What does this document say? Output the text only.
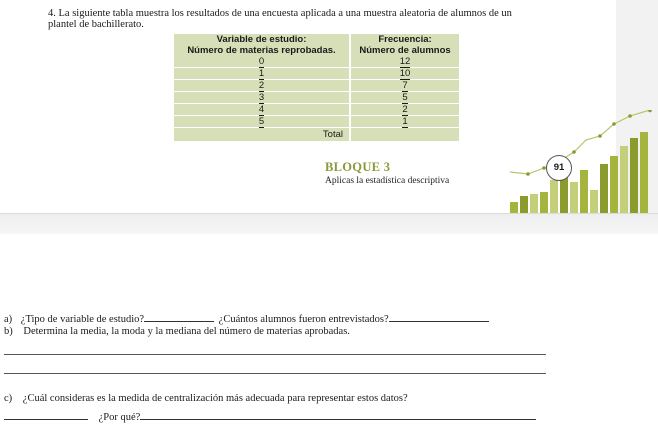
4. La siguiente tabla muestra los resultados de una encuesta aplicada a una muestra aleatoria de alumnos de un
plantel de bachillerato.
Variable de estudio:	Frecuencia:
Número de materias reprobadas.	Número de alumnos
0	12
1	10
2	7
3	5
4	2
5	1
Total	
BLOQUE 3
Aplicas la estadística descriptiva
91
a) ¿Tipo de variable de estudio?	¿Cuántos alumnos fueron entrevistados?
b) Determina la media, la moda y la mediana del número de materias aprobadas.
c) ¿Cuál consideras es la medida de centralización más adecuada para representar estos datos?
¿Por qué?
